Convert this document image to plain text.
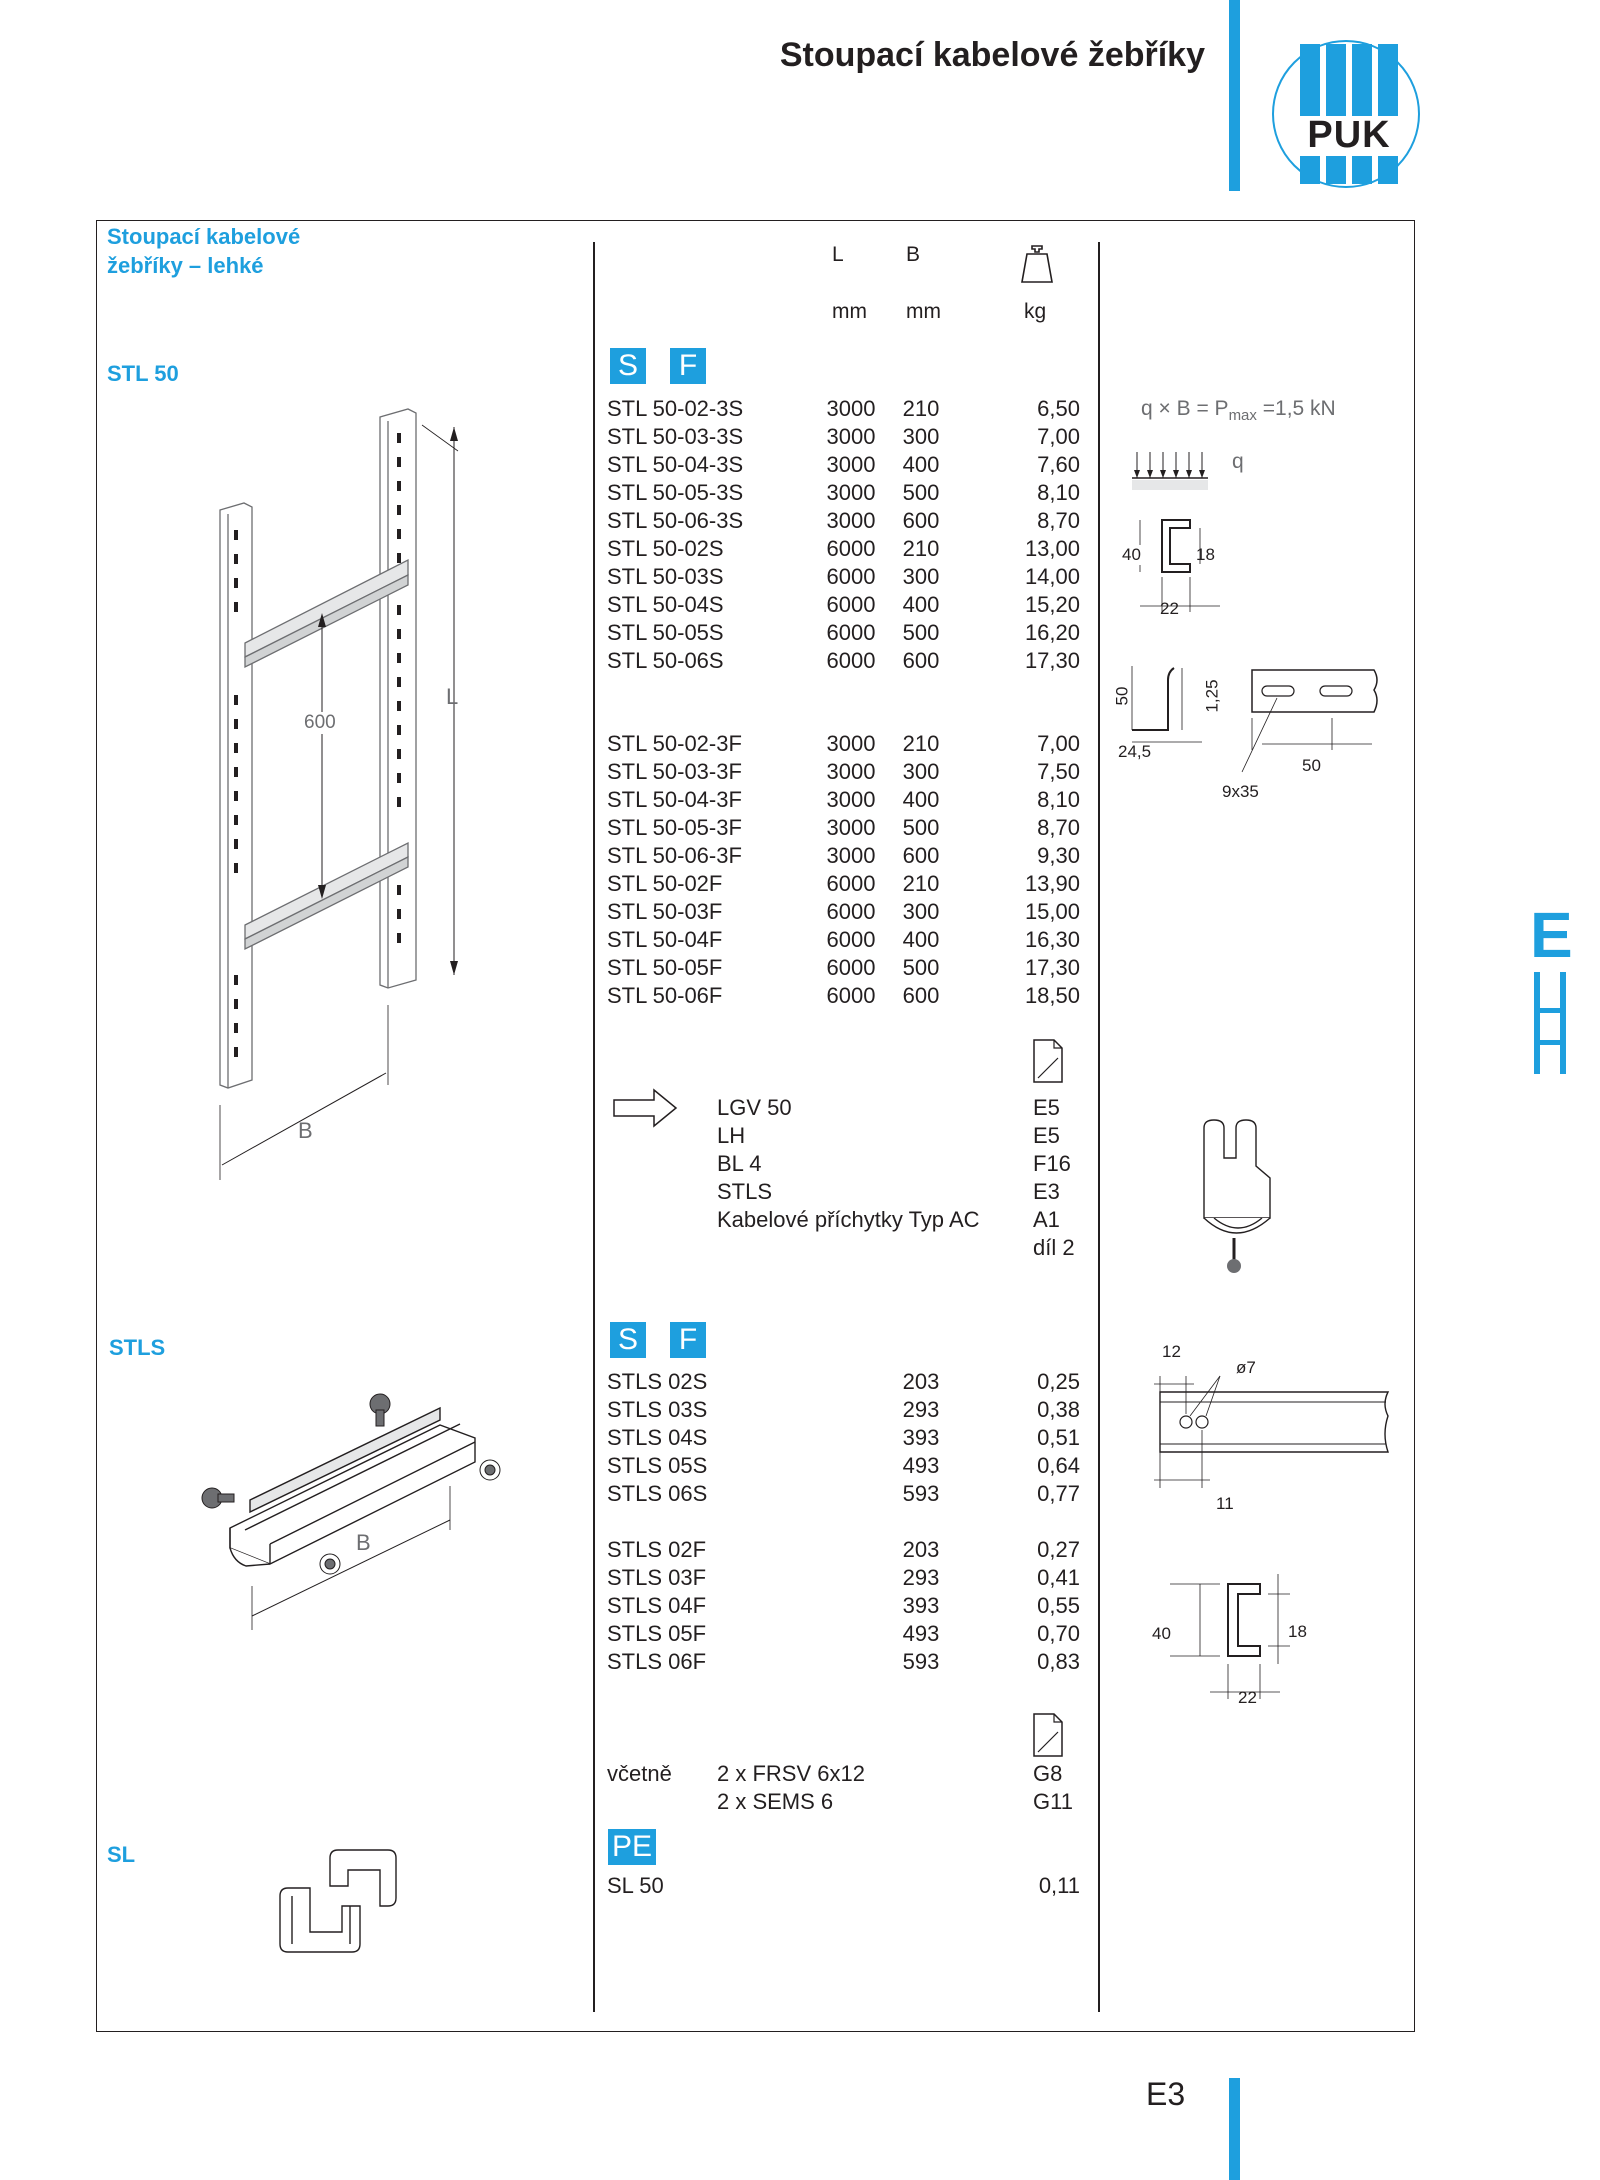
Stoupací kabelové žebříky
PUK
E
Stoupací kabelové
žebříky – lehké
STL 50
STLS
SL
L	B
mm mm	kg
S F
STL 50-02-3S	3000	210	6,50
STL 50-03-3S	3000	300	7,00
STL 50-04-3S	3000	400	7,60
STL 50-05-3S	3000	500	8,10
STL 50-06-3S	3000	600	8,70
STL 50-02S	6000	210	13,00
STL 50-03S	6000	300	14,00
STL 50-04S	6000	400	15,20
STL 50-05S	6000	500	16,20
STL 50-06S	6000	600	17,30
STL 50-02-3F	3000	210	7,00
STL 50-03-3F	3000	300	7,50
STL 50-04-3F	3000	400	8,10
STL 50-05-3F	3000	500	8,70
STL 50-06-3F	3000	600	9,30
STL 50-02F	6000	210	13,90
STL 50-03F	6000	300	15,00
STL 50-04F	6000	400	16,30
STL 50-05F	6000	500	17,30
STL 50-06F	6000	600	18,50
LGV 50	E5
LH	E5
BL 4	F16
STLS	E3
Kabelové příchytky Typ AC A1
díl 2
S F
STLS 02S	203	0,25
STLS 03S	293	0,38
STLS 04S	393	0,51
STLS 05S	493	0,64
STLS 06S	593	0,77
STLS 02F	203	0,27
STLS 03F	293	0,41
STLS 04F	393	0,55
STLS 05F	493	0,70
STLS 06F	593	0,83
včetně 2 x FRSV 6x12	G8
2 x SEMS 6	G11
PE
SL 50	0,11
E3
600
L
B
$q \times B = P_{max} =1,5$ kN
q
40	18
22
50	1,25
24,5
50
9x35
B
12
ø7
11
40	18
22
